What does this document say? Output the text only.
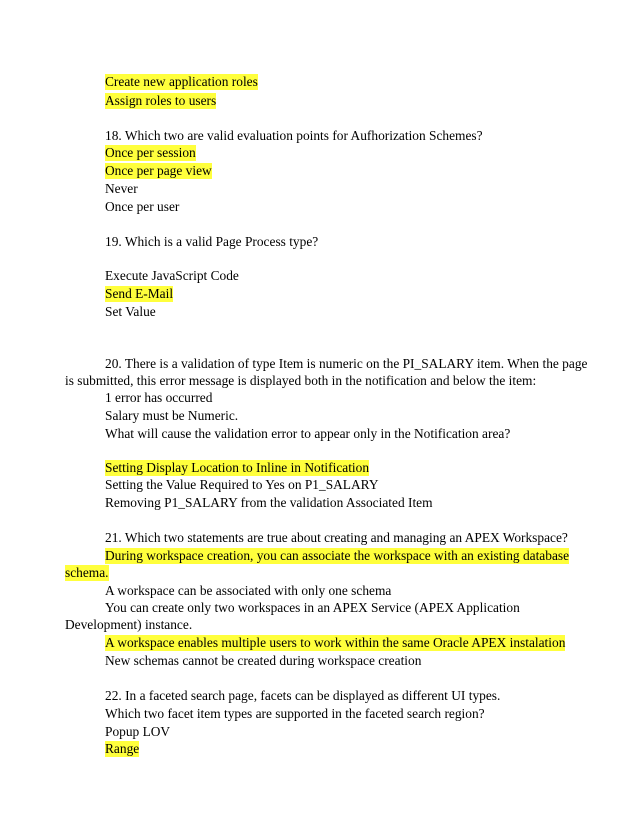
Create new application roles
Assign roles to users
18. Which two are valid evaluation points for Aufhorization Schemes?
Once per session
Once per page view
Never
Once per user
19. Which is a valid Page Process type?
Execute JavaScript Code
Send E-Mail
Set Value
20. There is a validation of type Item is numeric on the PI_SALARY item. When the page
is submitted, this error message is displayed both in the notification and below the item:
1 error has occurred
Salary must be Numeric.
What will cause the validation error to appear only in the Notification area?
Setting Display Location to Inline in Notification
Setting the Value Required to Yes on P1_SALARY
Removing P1_SALARY from the validation Associated Item
21. Which two statements are true about creating and managing an APEX Workspace?
During workspace creation, you can associate the workspace with an existing database
schema.
A workspace can be associated with only one schema
You can create only two workspaces in an APEX Service (APEX Application
Development) instance.
A workspace enables multiple users to work within the same Oracle APEX instalation
New schemas cannot be created during workspace creation
22. In a faceted search page, facets can be displayed as different UI types.
Which two facet item types are supported in the faceted search region?
Popup LOV
Range
